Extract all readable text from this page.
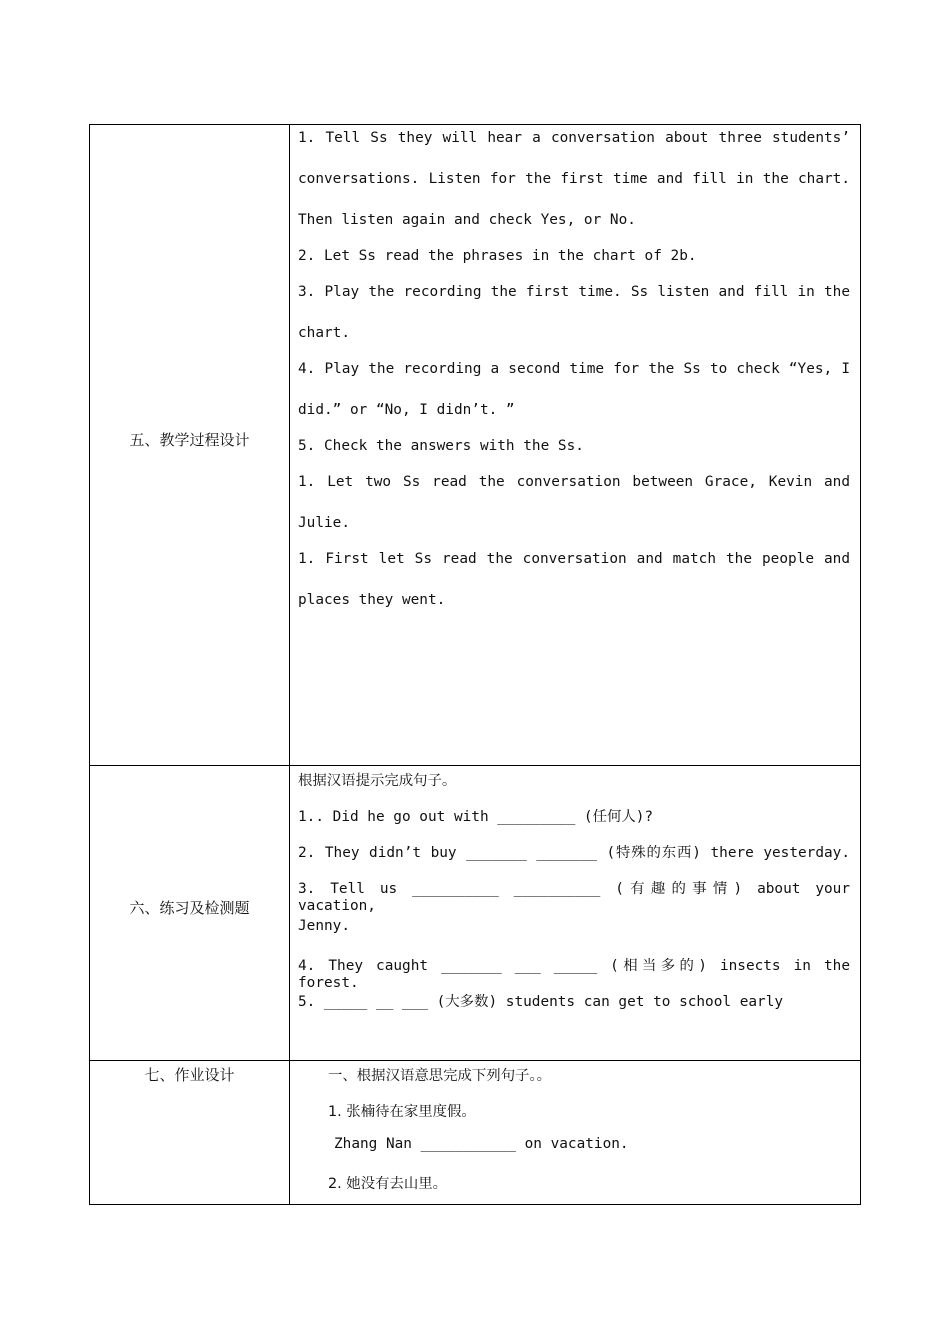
五、教学过程设计
1. Tell Ss they will hear a conversation about three students’
conversations. Listen for the first time and fill in the chart.
Then listen again and check Yes, or No.
2. Let Ss read the phrases in the chart of 2b.
3. Play the recording the first time. Ss listen and fill in the
chart.
4. Play the recording a second time for the Ss to check “Yes, I
did.” or “No, I didn’t. ”
5. Check the answers with the Ss.
1. Let two Ss read the conversation between Grace, Kevin and
Julie.
1. First let Ss read the conversation and match the people and
places they went.
六、练习及检测题
根据汉语提示完成句子。
1.. Did he go out with _________ (任何人)?
2. They didn’t buy _______ _______ (特殊的东西) there yesterday.
3. Tell us __________ __________ (有趣的事情) about your vacation,
Jenny.
4. They caught _______ ___ _____ (相当多的) insects in the forest.
5. _____ __ ___ (大多数) students can get to school early
七、作业设计	一、根据汉语意思完成下列句子。。
1. 张楠待在家里度假。
Zhang Nan ___________ on vacation.
2. 她没有去山里。
